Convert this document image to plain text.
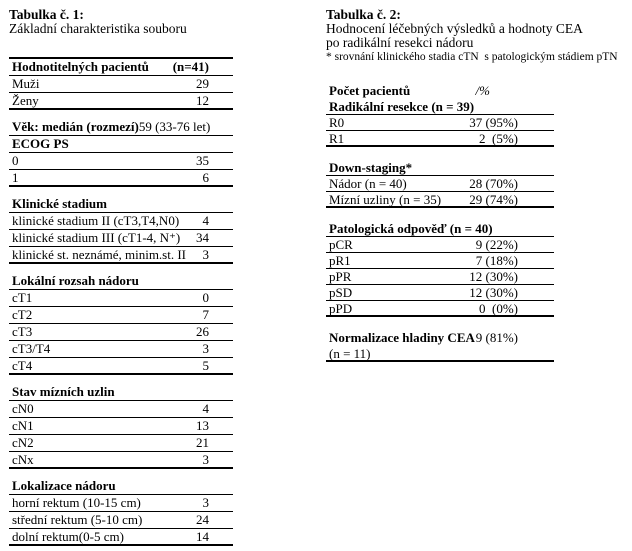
Tabulka č. 1:
Základní charakteristika souboru
Hodnotitelných pacientů (n=41)
Muži	29
Ženy	12
Věk: medián (rozmezí) 59 (33-76 let)
ECOG PS
0	35
1	6
Klinické stadium
klinické stadium II (cT3,T4,N0) 4
klinické stadium III (cT1-4, N⁺) 34
klinické st. neznámé, minim.st. II 3
Lokální rozsah nádoru
cT1	0
cT2	7
cT3	26
cT3/T4	3
cT4	5
Stav mízních uzlin
cN0	4
cN1	13
cN2	21
cNx	3
Lokalizace nádoru
horní rektum (10-15 cm)	3
střední rektum (5-10 cm)	24
dolní rektum(0-5 cm)	14
Tabulka č. 2:
Hodnocení léčebných výsledků a hodnoty CEA
po radikální resekci nádoru
* srovnání klinického stadia cTN  s patologickým stádiem pTN
Počet pacientů	/%
Radikální resekce (n = 39)
R0	37 (95%)
R1	2  (5%)
Down-staging*
Nádor (n = 40)	28 (70%)
Mízní uzliny (n = 35) 29 (74%)
Patologická odpověď (n = 40)
pCR	9 (22%)
pR1	7 (18%)
pPR	12 (30%)
pSD	12 (30%)
pPD	0  (0%)
Normalizace hladiny CEA 9 (81%)
(n = 11)
